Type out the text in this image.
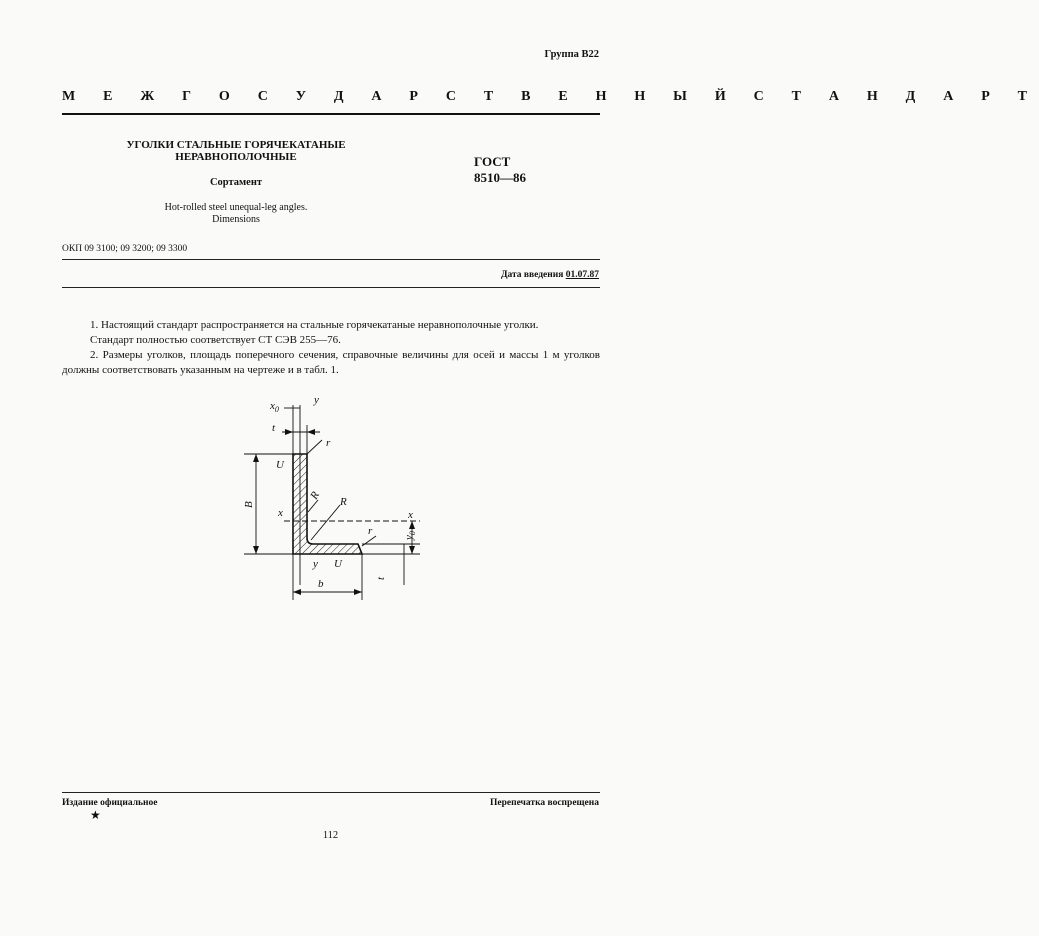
Группа В22
М Е Ж Г О С У Д А Р С Т В Е Н Н Ы Й С Т А Н Д А Р Т
УГОЛКИ СТАЛЬНЫЕ ГОРЯЧЕКАТАНЫЕ
НЕРАВНОПОЛОЧНЫЕ
Сортамент
Hot-rolled steel unequal-leg angles.
Dimensions
ГОСТ
8510—86
ОКП 09 3100; 09 3200; 09 3300
Дата введения 01.07.87

1. Настоящий стандарт распространяется на стальные горячекатаные неравнополочные уголки.

Стандарт полностью соответствует СТ СЭВ 255—76.

2. Размеры уголков, площадь поперечного сечения, справочные величины для осей и массы 1 м уголков должны соответствовать указанным на чертеже и в табл. 1.

$x_0$
y
t
r
U
B
x
R
R
x
r
$y_0$
y U
t
b
Издание официальное
★
Перепечатка воспрещена
112
